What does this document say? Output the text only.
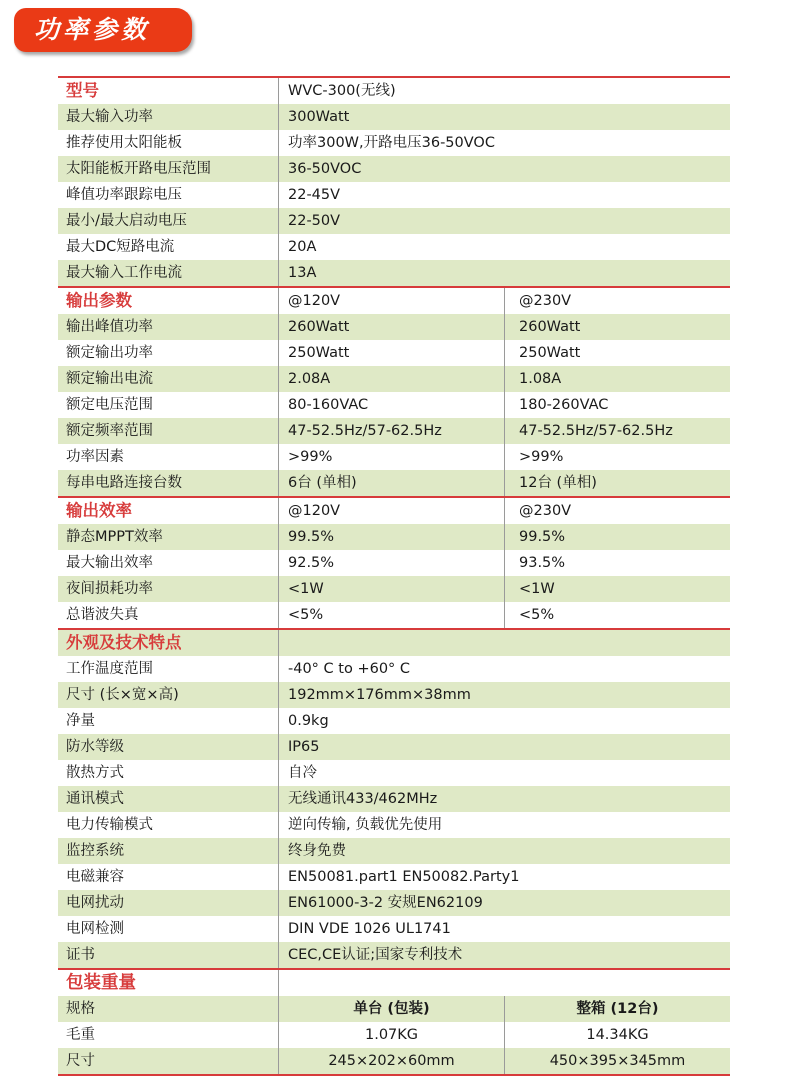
功率参数
型号	WVC-300(无线)
最大输入功率	300Watt
推荐使用太阳能板	功率300W,开路电压36-50VOC
太阳能板开路电压范围	36-50VOC
峰值功率跟踪电压	22-45V
最小/最大启动电压	22-50V
最大DC短路电流	20A
最大输入工作电流	13A
输出参数	@120V	@230V
输出峰值功率	260Watt	260Watt
额定输出功率	250Watt	250Watt
额定输出电流	2.08A	1.08A
额定电压范围	80-160VAC	180-260VAC
额定频率范围	47-52.5Hz/57-62.5Hz	47-52.5Hz/57-62.5Hz
功率因素	>99%	>99%
每串电路连接台数	6台 (单相)	12台 (单相)
输出效率	@120V	@230V
静态MPPT效率	99.5%	99.5%
最大输出效率	92.5%	93.5%
夜间损耗功率	<1W	<1W
总谐波失真	<5%	<5%
外观及技术特点
工作温度范围	-40° C to +60° C
尺寸 (长×宽×高)	192mm×176mm×38mm
净量	0.9kg
防水等级	IP65
散热方式	自冷
通讯模式	无线通讯433/462MHz
电力传输模式	逆向传输, 负载优先使用
监控系统	终身免费
电磁兼容	EN50081.part1 EN50082.Party1
电网扰动	EN61000-3-2 安规EN62109
电网检测	DIN VDE 1026 UL1741
证书	CEC,CE认证;国家专利技术
包装重量
规格	单台 (包装)	整箱 (12台)
毛重	1.07KG	14.34KG
尺寸	245×202×60mm	450×395×345mm
